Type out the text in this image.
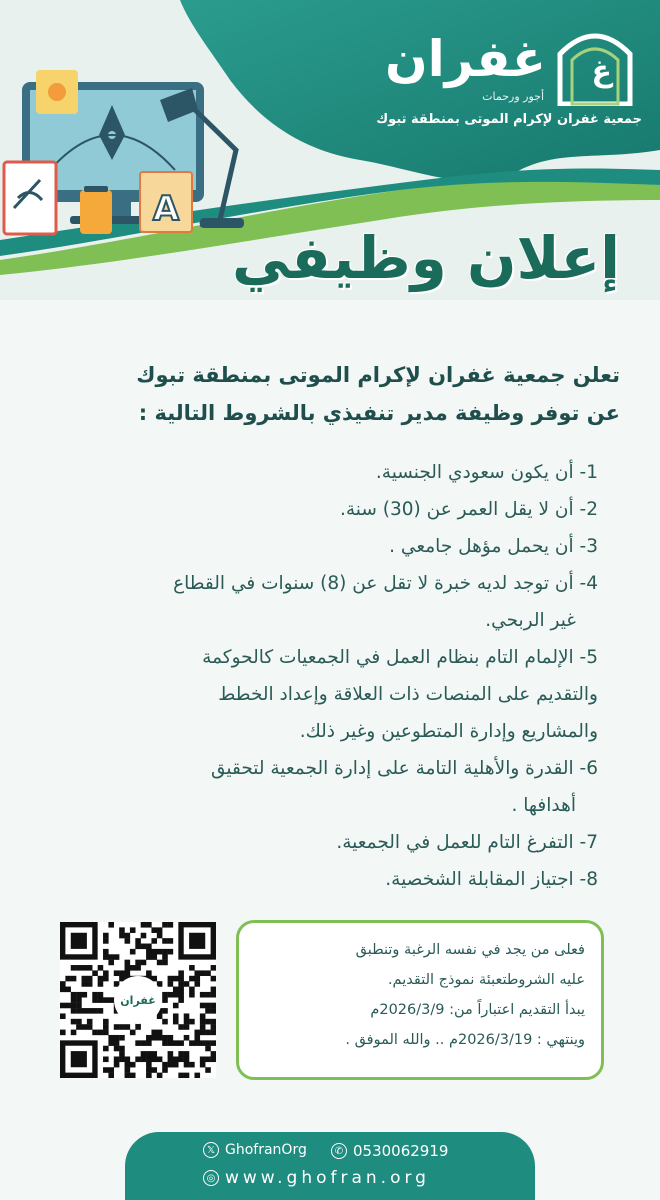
A
غ
غفران
أجور ورحمات
جمعية غفران لإكرام الموتى بمنطقة تبوك
إعلان وظيفي
تعلن جمعية غفران لإكرام الموتى بمنطقة تبوك
عن توفر وظيفة مدير تنفيذي بالشروط التالية :
1- أن يكون سعودي الجنسية.
2- أن لا يقل العمر عن (30) سنة.
3- أن يحمل مؤهل جامعي .
4- أن توجد لديه خبرة لا تقل عن (8) سنوات في القطاع
غير الربحي.
5- الإلمام التام بنظام العمل في الجمعيات كالحوكمة
والتقديم على المنصات ذات العلاقة وإعداد الخطط
والمشاريع وإدارة المتطوعين وغير ذلك.
6- القدرة والأهلية التامة على إدارة الجمعية لتحقيق
أهدافها .
7- التفرغ التام للعمل في الجمعية.
8- اجتياز المقابلة الشخصية.
غفران
فعلى من يجد في نفسه الرغبة وتنطبق
عليه الشروطتعبئة نموذج التقديم.
يبدأ التقديم اعتباراً من: 2026/3/9م
وينتهي : 2026/3/19م .. والله الموفق .
𝕏 GhofranOrg	✆ 0530062919
◎ www.ghofran.org
